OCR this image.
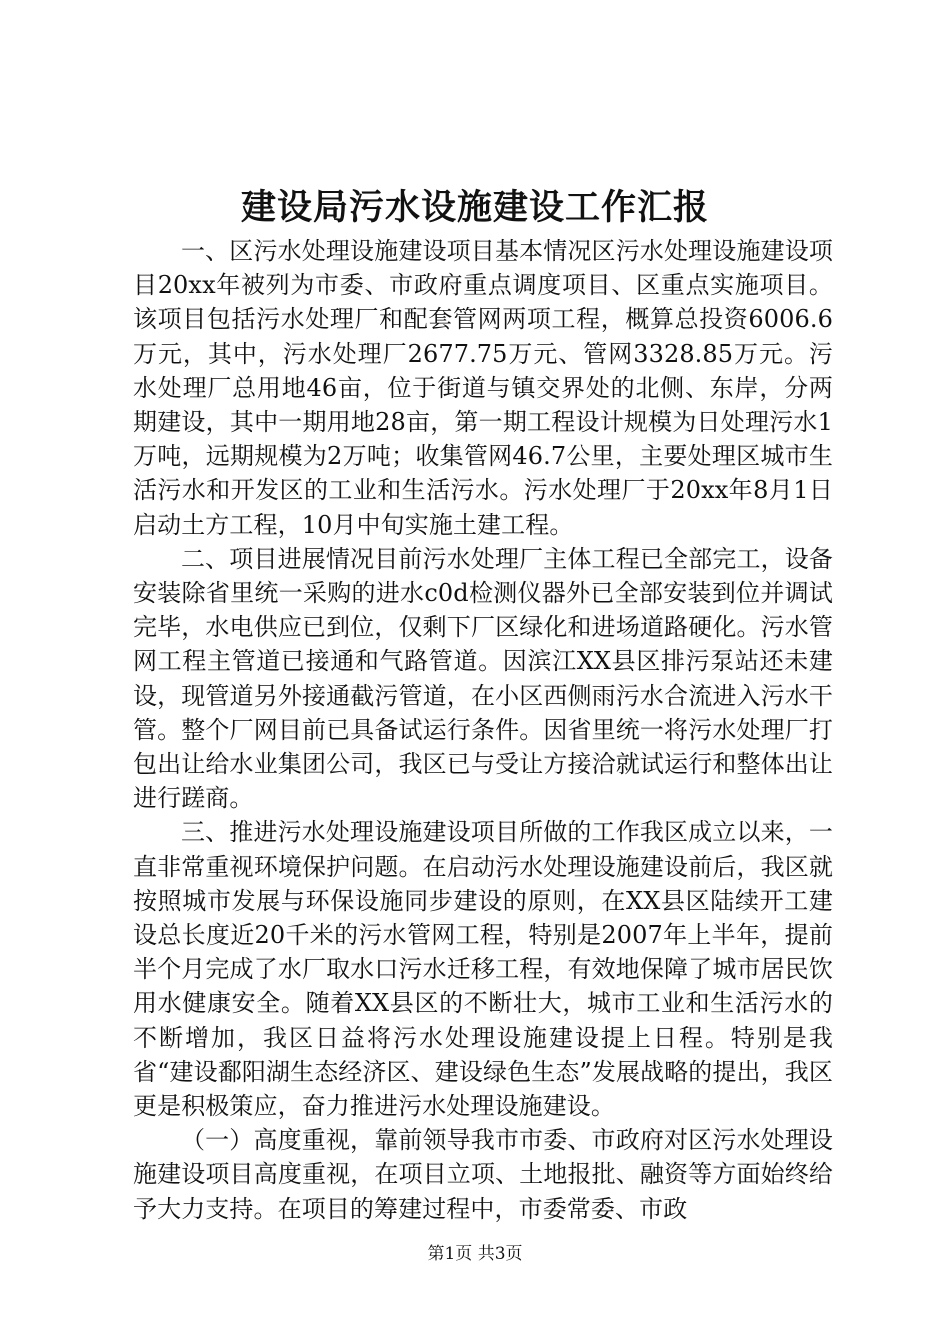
建设局污水设施建设工作汇报

一、区污水处理设施建设项目基本情况区污水处理设施建设项目20xx年被列为市委、市政府重点调度项目、区重点实施项目。该项目包括污水处理厂和配套管网两项工程，概算总投资6006.6万元，其中，污水处理厂2677.75万元、管网3328.85万元。污水处理厂总用地46亩，位于街道与镇交界处的北侧、东岸，分两期建设，其中一期用地28亩，第一期工程设计规模为日处理污水1万吨，远期规模为2万吨；收集管网46.7公里，主要处理区城市生活污水和开发区的工业和生活污水。污水处理厂于20xx年8月1日启动土方工程，10月中旬实施土建工程。

二、项目进展情况目前污水处理厂主体工程已全部完工，设备安装除省里统一采购的进水c0d检测仪器外已全部安装到位并调试完毕，水电供应已到位，仅剩下厂区绿化和进场道路硬化。污水管网工程主管道已接通和气路管道。因滨江XX县区排污泵站还未建设，现管道另外接通截污管道，在小区西侧雨污水合流进入污水干管。整个厂网目前已具备试运行条件。因省里统一将污水处理厂打包出让给水业集团公司，我区已与受让方接洽就试运行和整体出让进行蹉商。

三、推进污水处理设施建设项目所做的工作我区成立以来，一直非常重视环境保护问题。在启动污水处理设施建设前后，我区就按照城市发展与环保设施同步建设的原则，在XX县区陆续开工建设总长度近20千米的污水管网工程，特别是2007年上半年，提前半个月完成了水厂取水口污水迁移工程，有效地保障了城市居民饮用水健康安全。随着XX县区的不断壮大，城市工业和生活污水的不断增加，我区日益将污水处理设施建设提上日程。特别是我省“建设鄱阳湖生态经济区、建设绿色生态”发展战略的提出，我区更是积极策应，奋力推进污水处理设施建设。

（一）高度重视，靠前领导我市市委、市政府对区污水处理设施建设项目高度重视，在项目立项、土地报批、融资等方面始终给予大力支持。在项目的筹建过程中，市委常委、市政

第1页 共3页
